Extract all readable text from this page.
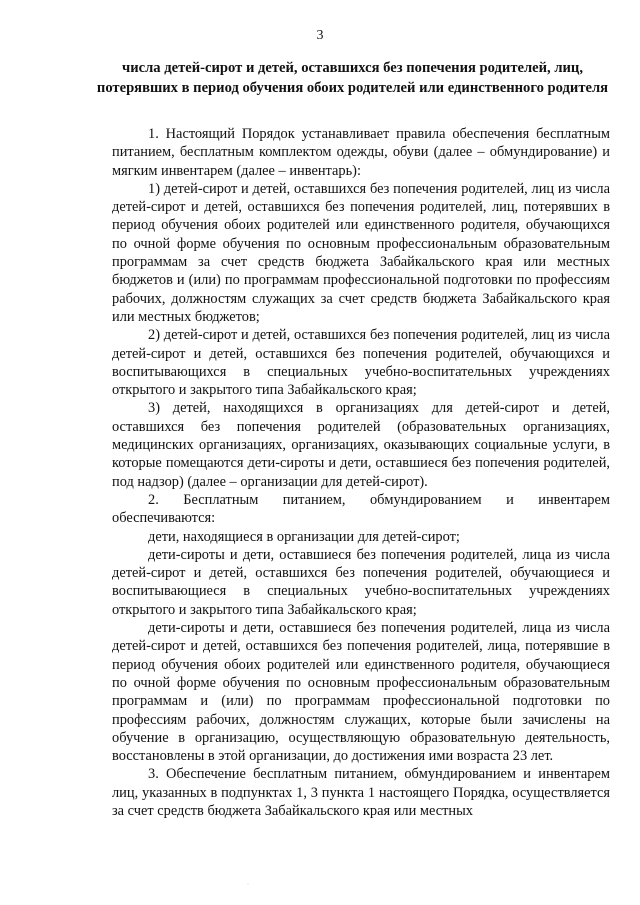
3
числа детей-сирот и детей, оставшихся без попечения родителей, лиц, потерявших в период обучения обоих родителей или единственного родителя

1. Настоящий Порядок устанавливает правила обеспечения бесплатным питанием, бесплатным комплектом одежды, обуви (далее – обмундирование) и мягким инвентарем (далее – инвентарь):

1) детей-сирот и детей, оставшихся без попечения родителей, лиц из числа детей-сирот и детей, оставшихся без попечения родителей, лиц, потерявших в период обучения обоих родителей или единственного родителя, обучающихся по очной форме обучения по основным профессиональным образовательным программам за счет средств бюджета Забайкальского края или местных бюджетов и (или) по программам профессиональной подготовки по профессиям рабочих, должностям служащих за счет средств бюджета Забайкальского края или местных бюджетов;

2) детей-сирот и детей, оставшихся без попечения родителей, лиц из числа детей-сирот и детей, оставшихся без попечения родителей, обучающихся и воспитывающихся в специальных учебно-воспитательных учреждениях открытого и закрытого типа Забайкальского края;

3) детей, находящихся в организациях для детей-сирот и детей, оставшихся без попечения родителей (образовательных организациях, медицинских организациях, организациях, оказывающих социальные услуги, в которые помещаются дети-сироты и дети, оставшиеся без попечения родителей, под надзор) (далее – организации для детей-сирот).

2. Бесплатным питанием, обмундированием и инвентарем обеспечиваются:

дети, находящиеся в организации для детей-сирот;

дети-сироты и дети, оставшиеся без попечения родителей, лица из числа детей-сирот и детей, оставшихся без попечения родителей, обучающиеся и воспитывающиеся в специальных учебно-воспитательных учреждениях открытого и закрытого типа Забайкальского края;

дети-сироты и дети, оставшиеся без попечения родителей, лица из числа детей-сирот и детей, оставшихся без попечения родителей, лица, потерявшие в период обучения обоих родителей или единственного родителя, обучающиеся по очной форме обучения по основным профессиональным образовательным программам и (или) по программам профессиональной подготовки по профессиям рабочих, должностям служащих, которые были зачислены на обучение в организацию, осуществляющую образовательную деятельность, восстановлены в этой организации, до достижения ими возраста 23 лет.

3. Обеспечение бесплатным питанием, обмундированием и инвентарем лиц, указанных в подпунктах 1, 3 пункта 1 настоящего Порядка, осуществляется за счет средств бюджета Забайкальского края или местных

·
